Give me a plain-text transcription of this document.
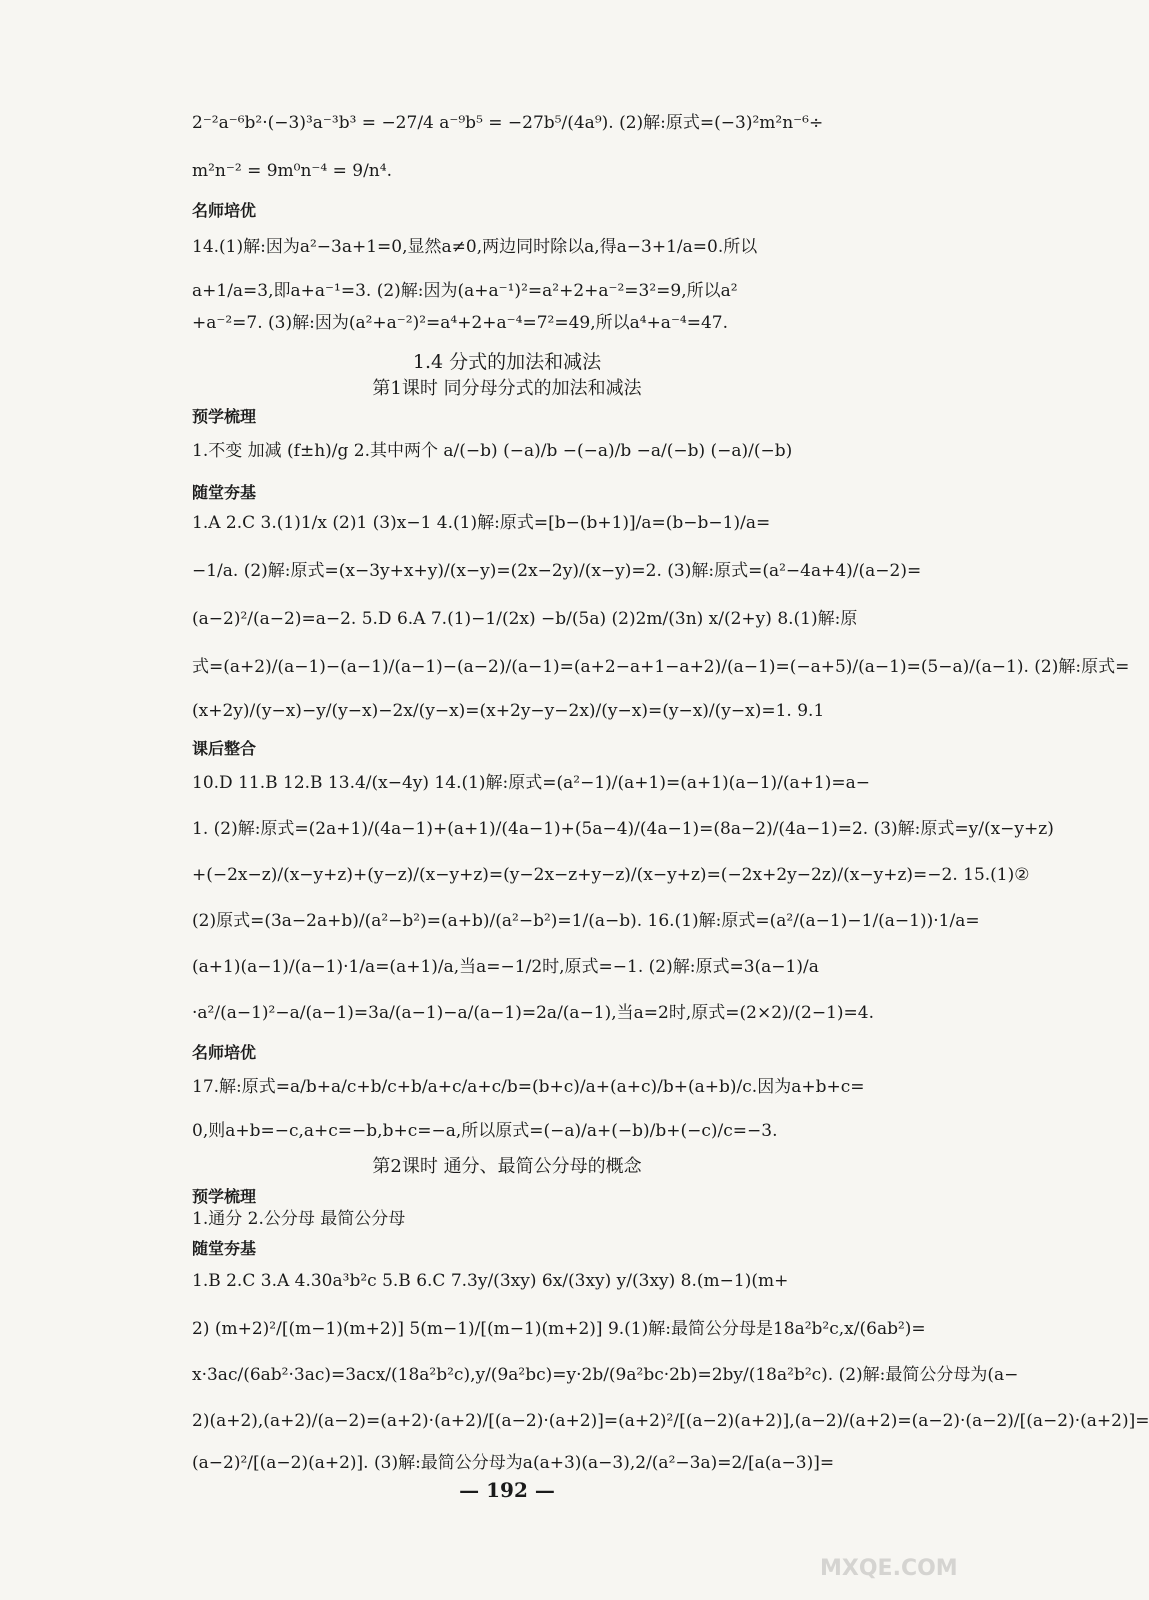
2⁻²a⁻⁶b²·(−3)³a⁻³b³ = −27/4 a⁻⁹b⁵ = −27b⁵/(4a⁹). (2)解:原式=(−3)²m²n⁻⁶÷
m²n⁻² = 9m⁰n⁻⁴ = 9/n⁴.
名师培优
14.(1)解:因为a²−3a+1=0,显然a≠0,两边同时除以a,得a−3+1/a=0.所以
a+1/a=3,即a+a⁻¹=3. (2)解:因为(a+a⁻¹)²=a²+2+a⁻²=3²=9,所以a²
+a⁻²=7. (3)解:因为(a²+a⁻²)²=a⁴+2+a⁻⁴=7²=49,所以a⁴+a⁻⁴=47.
1.4 分式的加法和减法
第1课时 同分母分式的加法和减法
预学梳理
1.不变 加减 (f±h)/g 2.其中两个 a/(−b) (−a)/b −(−a)/b −a/(−b) (−a)/(−b)
随堂夯基
1.A 2.C 3.(1)1/x (2)1 (3)x−1 4.(1)解:原式=[b−(b+1)]/a=(b−b−1)/a=
−1/a. (2)解:原式=(x−3y+x+y)/(x−y)=(2x−2y)/(x−y)=2. (3)解:原式=(a²−4a+4)/(a−2)=
(a−2)²/(a−2)=a−2. 5.D 6.A 7.(1)−1/(2x) −b/(5a) (2)2m/(3n) x/(2+y) 8.(1)解:原
式=(a+2)/(a−1)−(a−1)/(a−1)−(a−2)/(a−1)=(a+2−a+1−a+2)/(a−1)=(−a+5)/(a−1)=(5−a)/(a−1). (2)解:原式=
(x+2y)/(y−x)−y/(y−x)−2x/(y−x)=(x+2y−y−2x)/(y−x)=(y−x)/(y−x)=1. 9.1
课后整合
10.D 11.B 12.B 13.4/(x−4y) 14.(1)解:原式=(a²−1)/(a+1)=(a+1)(a−1)/(a+1)=a−
1. (2)解:原式=(2a+1)/(4a−1)+(a+1)/(4a−1)+(5a−4)/(4a−1)=(8a−2)/(4a−1)=2. (3)解:原式=y/(x−y+z)
+(−2x−z)/(x−y+z)+(y−z)/(x−y+z)=(y−2x−z+y−z)/(x−y+z)=(−2x+2y−2z)/(x−y+z)=−2. 15.(1)②
(2)原式=(3a−2a+b)/(a²−b²)=(a+b)/(a²−b²)=1/(a−b). 16.(1)解:原式=(a²/(a−1)−1/(a−1))·1/a=
(a+1)(a−1)/(a−1)·1/a=(a+1)/a,当a=−1/2时,原式=−1. (2)解:原式=3(a−1)/a
·a²/(a−1)²−a/(a−1)=3a/(a−1)−a/(a−1)=2a/(a−1),当a=2时,原式=(2×2)/(2−1)=4.
名师培优
17.解:原式=a/b+a/c+b/c+b/a+c/a+c/b=(b+c)/a+(a+c)/b+(a+b)/c.因为a+b+c=
0,则a+b=−c,a+c=−b,b+c=−a,所以原式=(−a)/a+(−b)/b+(−c)/c=−3.
第2课时 通分、最简公分母的概念
预学梳理
1.通分 2.公分母 最简公分母
随堂夯基
1.B 2.C 3.A 4.30a³b²c 5.B 6.C 7.3y/(3xy) 6x/(3xy) y/(3xy) 8.(m−1)(m+
2) (m+2)²/[(m−1)(m+2)] 5(m−1)/[(m−1)(m+2)] 9.(1)解:最简公分母是18a²b²c,x/(6ab²)=
x·3ac/(6ab²·3ac)=3acx/(18a²b²c),y/(9a²bc)=y·2b/(9a²bc·2b)=2by/(18a²b²c). (2)解:最简公分母为(a−
2)(a+2),(a+2)/(a−2)=(a+2)·(a+2)/[(a−2)·(a+2)]=(a+2)²/[(a−2)(a+2)],(a−2)/(a+2)=(a−2)·(a−2)/[(a−2)·(a+2)]=
(a−2)²/[(a−2)(a+2)]. (3)解:最简公分母为a(a+3)(a−3),2/(a²−3a)=2/[a(a−3)]=
— 192 —
MXQE.COM
